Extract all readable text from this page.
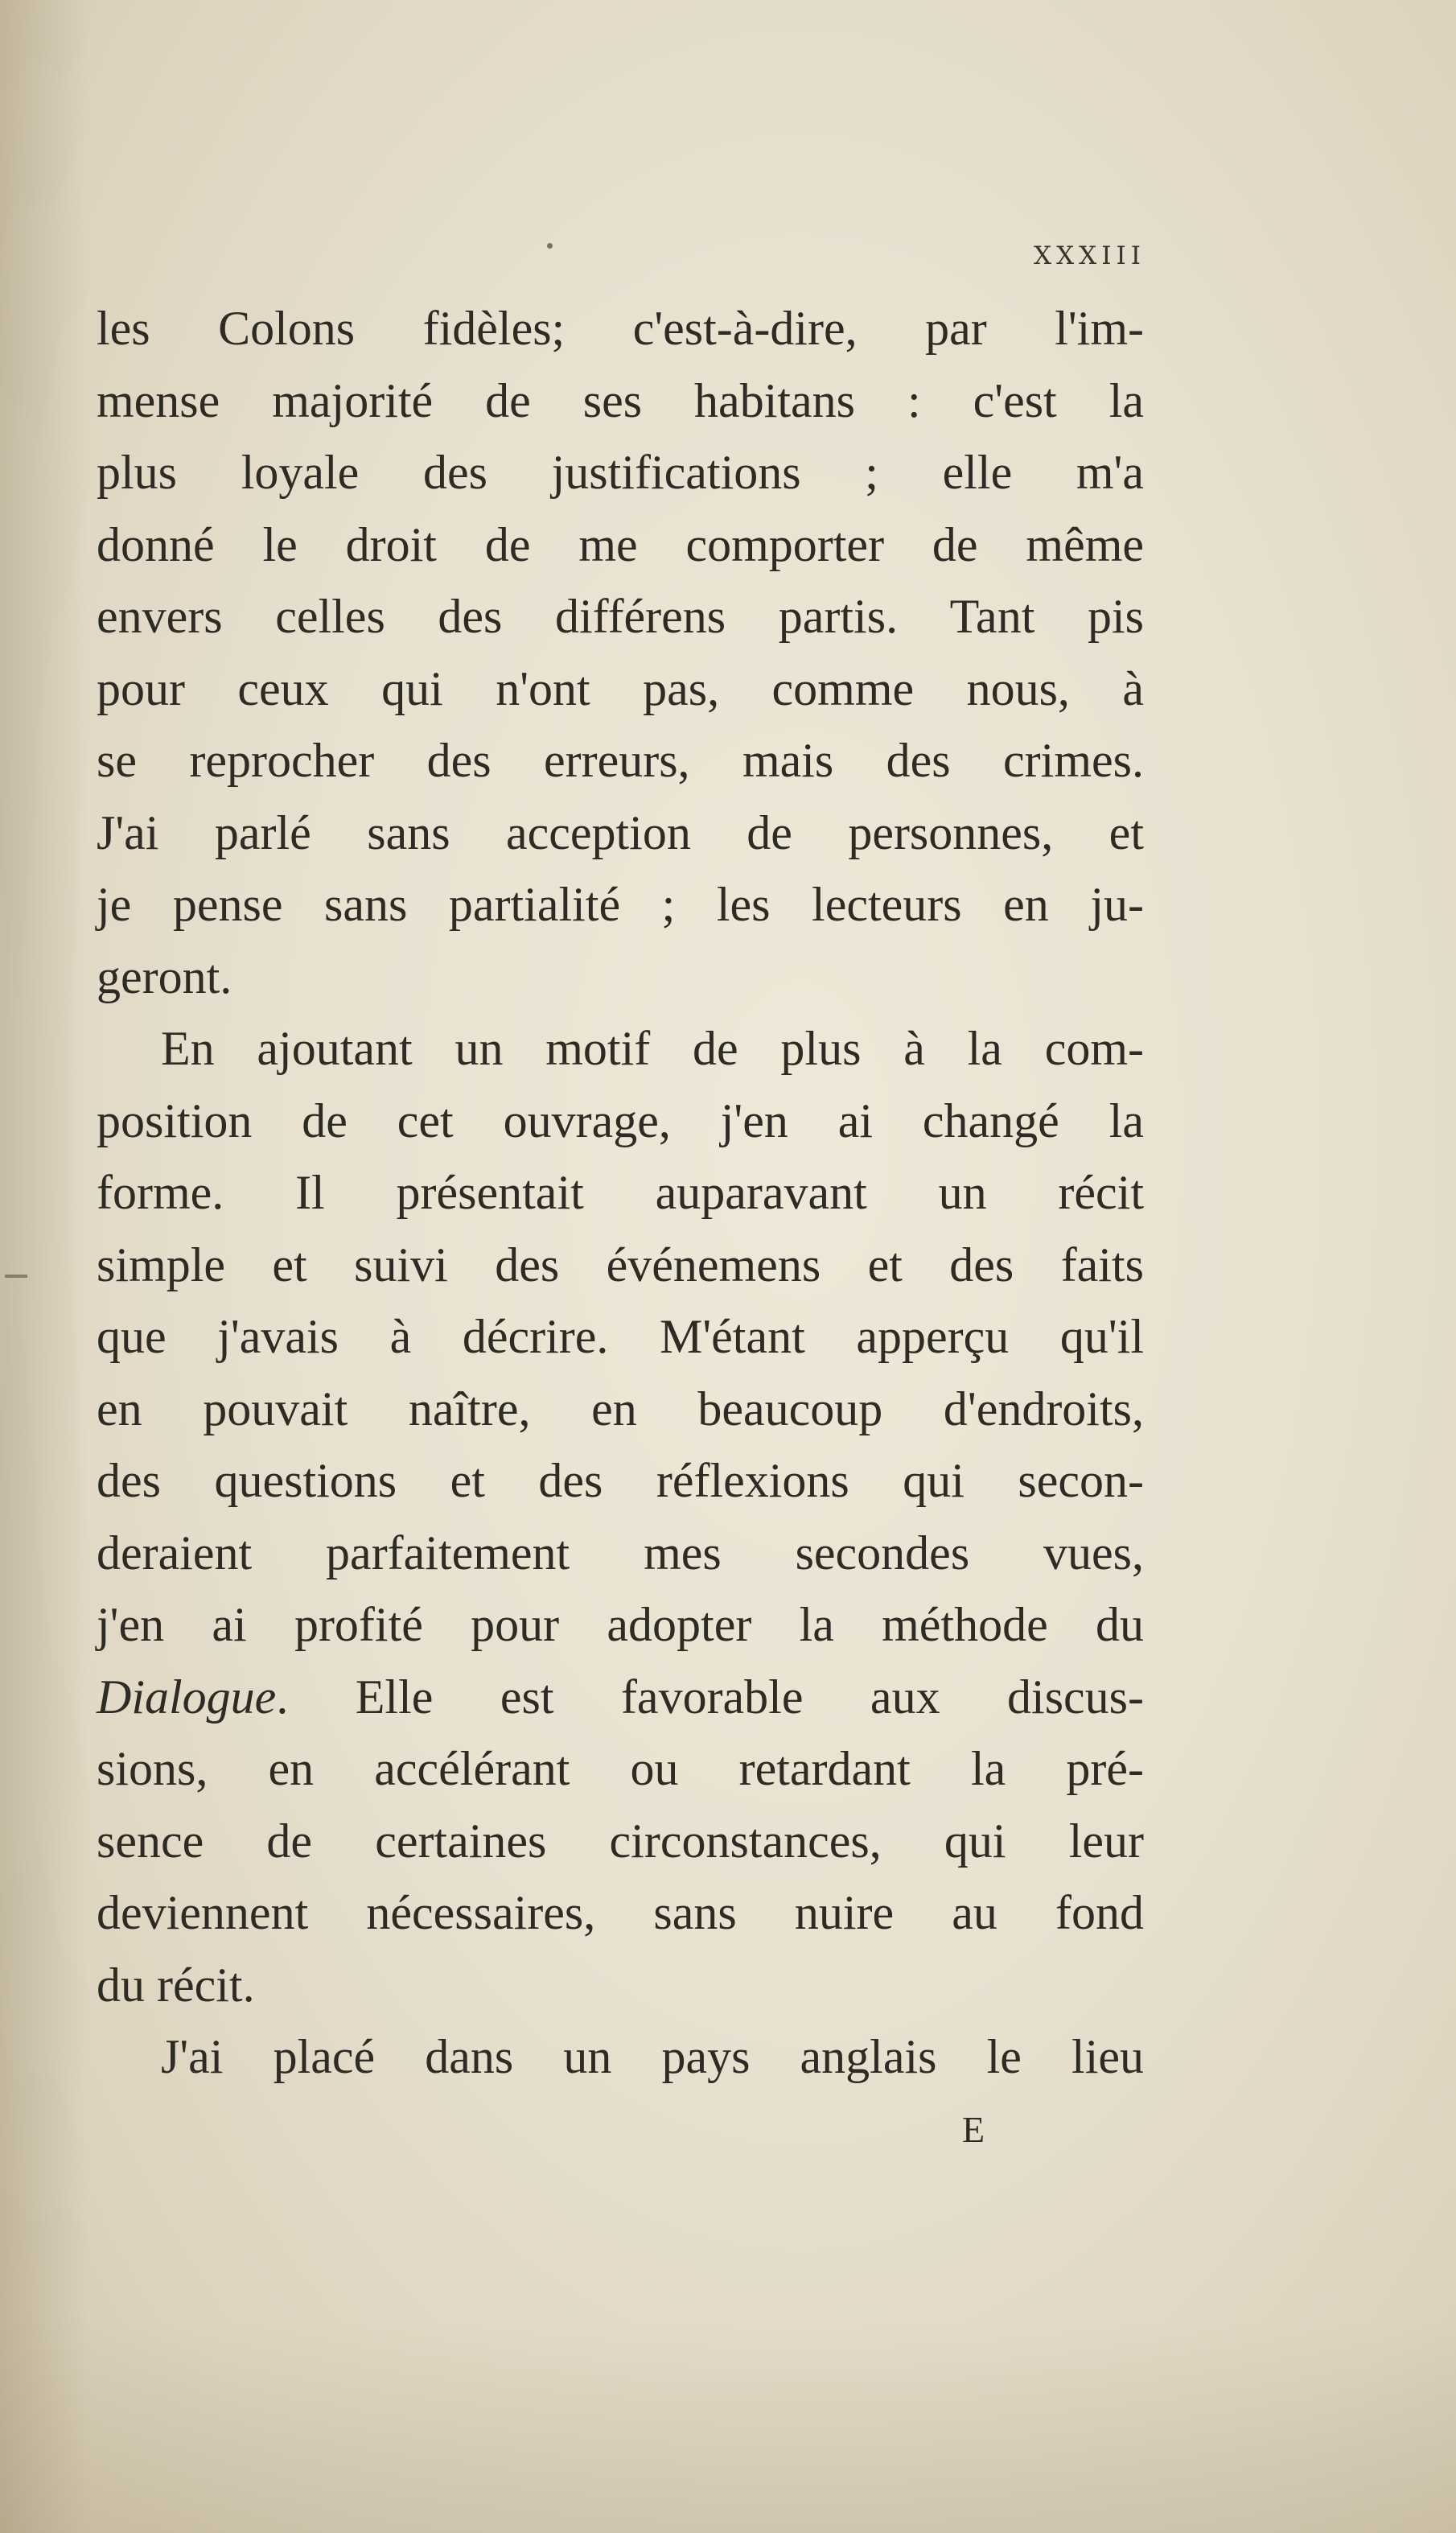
xxxiii

les Colons fidèles; c'est-à-dire, par l'im-
mense majorité de ses habitans : c'est la
plus loyale des justifications ; elle m'a
donné le droit de me comporter de même
envers celles des différens partis. Tant pis
pour ceux qui n'ont pas, comme nous, à
se reprocher des erreurs, mais des crimes.
J'ai parlé sans acception de personnes, et
je pense sans partialité ; les lecteurs en ju-
geront.

En ajoutant un motif de plus à la com-
position de cet ouvrage, j'en ai changé la
forme. Il présentait auparavant un récit
simple et suivi des événemens et des faits
que j'avais à décrire. M'étant apperçu qu'il
en pouvait naître, en beaucoup d'endroits,
des questions et des réflexions qui secon-
deraient parfaitement mes secondes vues,
j'en ai profité pour adopter la méthode du
Dialogue. Elle est favorable aux discus-
sions, en accélérant ou retardant la pré-
sence de certaines circonstances, qui leur
deviennent nécessaires, sans nuire au fond
du récit.

J'ai placé dans un pays anglais le lieu

E
